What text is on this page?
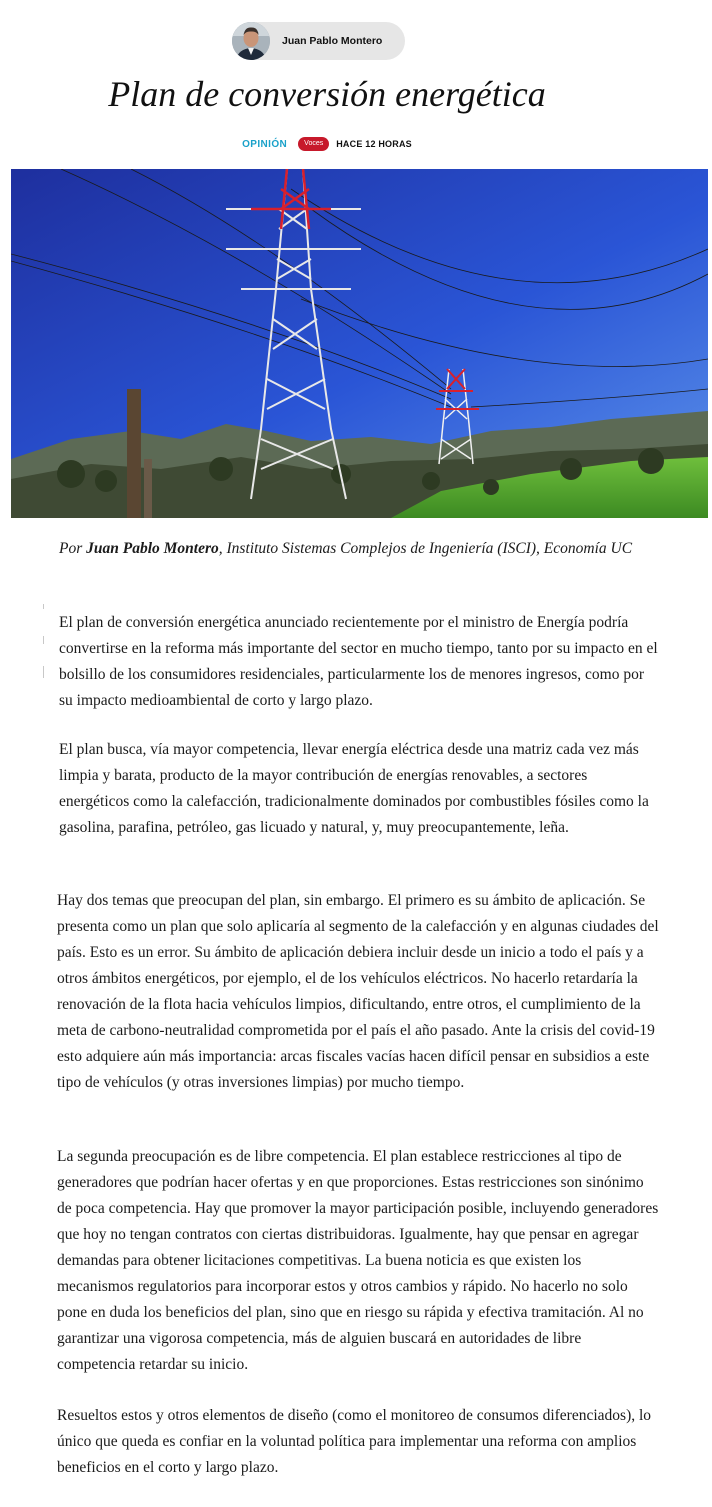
Juan Pablo Montero
Plan de conversión energética
OPINIÓN	Voces	HACE 12 HORAS

Por Juan Pablo Montero, Instituto Sistemas Complejos de Ingeniería (ISCI), Economía UC

El plan de conversión energética anunciado recientemente por el ministro de Energía podría convertirse en la reforma más importante del sector en mucho tiempo, tanto por su impacto en el bolsillo de los consumidores residenciales, particularmente los de menores ingresos, como por su impacto medioambiental de corto y largo plazo.

El plan busca, vía mayor competencia, llevar energía eléctrica desde una matriz cada vez más limpia y barata, producto de la mayor contribución de energías renovables, a sectores energéticos como la calefacción, tradicionalmente dominados por combustibles fósiles como la gasolina, parafina, petróleo, gas licuado y natural, y, muy preocupantemente, leña.

Hay dos temas que preocupan del plan, sin embargo. El primero es su ámbito de aplicación. Se presenta como un plan que solo aplicaría al segmento de la calefacción y en algunas ciudades del país. Esto es un error. Su ámbito de aplicación debiera incluir desde un inicio a todo el país y a otros ámbitos energéticos, por ejemplo, el de los vehículos eléctricos. No hacerlo retardaría la renovación de la flota hacia vehículos limpios, dificultando, entre otros, el cumplimiento de la meta de carbono-neutralidad comprometida por el país el año pasado. Ante la crisis del covid-19 esto adquiere aún más importancia: arcas fiscales vacías hacen difícil pensar en subsidios a este tipo de vehículos (y otras inversiones limpias) por mucho tiempo.

La segunda preocupación es de libre competencia. El plan establece restricciones al tipo de generadores que podrían hacer ofertas y en que proporciones. Estas restricciones son sinónimo de poca competencia. Hay que promover la mayor participación posible, incluyendo generadores que hoy no tengan contratos con ciertas distribuidoras. Igualmente, hay que pensar en agregar demandas para obtener licitaciones competitivas. La buena noticia es que existen los mecanismos regulatorios para incorporar estos y otros cambios y rápido. No hacerlo no solo pone en duda los beneficios del plan, sino que en riesgo su rápida y efectiva tramitación. Al no garantizar una vigorosa competencia, más de alguien buscará en autoridades de libre competencia retardar su inicio.

Resueltos estos y otros elementos de diseño (como el monitoreo de consumos diferenciados), lo único que queda es confiar en la voluntad política para implementar una reforma con amplios beneficios en el corto y largo plazo.
